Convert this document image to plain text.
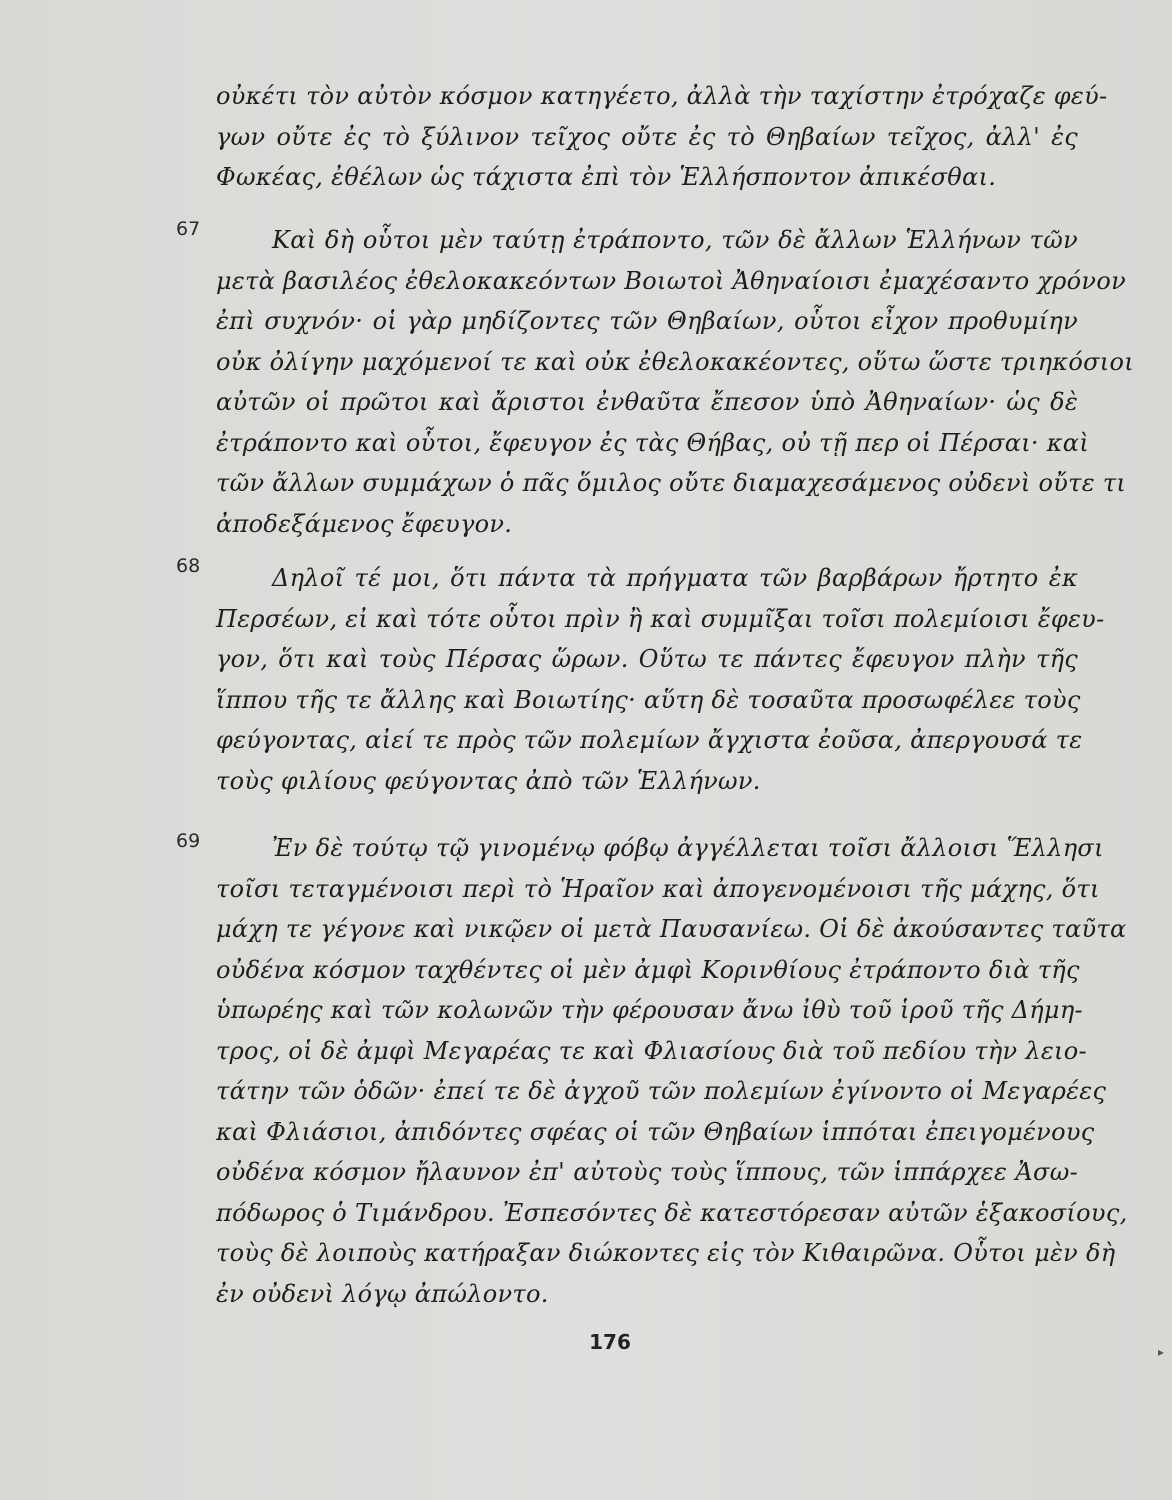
οὐκέτι τὸν αὐτὸν κόσμον κατηγέετο, ἀλλὰ τὴν ταχίστην ἐτρόχαζε φεύ-
γων οὔτε ἐς τὸ ξύλινον τεῖχος οὔτε ἐς τὸ Θηβαίων τεῖχος, ἀλλ' ἐς
Φωκέας, ἐθέλων ὡς τάχιστα ἐπὶ τὸν Ἑλλήσποντον ἀπικέσθαι.
67	Καὶ δὴ οὗτοι μὲν ταύτῃ ἐτράποντο, τῶν δὲ ἄλλων Ἑλλήνων τῶν
μετὰ βασιλέος ἐθελοκακεόντων Βοιωτοὶ Ἀθηναίοισι ἐμαχέσαντο χρόνον
ἐπὶ συχνόν· οἱ γὰρ μηδίζοντες τῶν Θηβαίων, οὗτοι εἶχον προθυμίην
οὐκ ὀλίγην μαχόμενοί τε καὶ οὐκ ἐθελοκακέοντες, οὕτω ὥστε τριηκόσιοι
αὐτῶν οἱ πρῶτοι καὶ ἄριστοι ἐνθαῦτα ἔπεσον ὑπὸ Ἀθηναίων· ὡς δὲ
ἐτράποντο καὶ οὗτοι, ἔφευγον ἐς τὰς Θήβας, οὐ τῇ περ οἱ Πέρσαι· καὶ
τῶν ἄλλων συμμάχων ὁ πᾶς ὅμιλος οὔτε διαμαχεσάμενος οὐδενὶ οὔτε τι
ἀποδεξάμενος ἔφευγον.
68	Δηλοῖ τέ μοι, ὅτι πάντα τὰ πρήγματα τῶν βαρβάρων ἤρτητο ἐκ
Περσέων, εἰ καὶ τότε οὗτοι πρὶν ἢ καὶ συμμῖξαι τοῖσι πολεμίοισι ἔφευ-
γον, ὅτι καὶ τοὺς Πέρσας ὥρων. Οὕτω τε πάντες ἔφευγον πλὴν τῆς
ἵππου τῆς τε ἄλλης καὶ Βοιωτίης· αὕτη δὲ τοσαῦτα προσωφέλεε τοὺς
φεύγοντας, αἰεί τε πρὸς τῶν πολεμίων ἄγχιστα ἐοῦσα, ἀπεργουσά τε
τοὺς φιλίους φεύγοντας ἀπὸ τῶν Ἑλλήνων.
69	Ἐν δὲ τούτῳ τῷ γινομένῳ φόβῳ ἀγγέλλεται τοῖσι ἄλλοισι Ἕλλησι
τοῖσι τεταγμένοισι περὶ τὸ Ἡραῖον καὶ ἀπογενομένοισι τῆς μάχης, ὅτι
μάχη τε γέγονε καὶ νικῷεν οἱ μετὰ Παυσανίεω. Οἱ δὲ ἀκούσαντες ταῦτα
οὐδένα κόσμον ταχθέντες οἱ μὲν ἀμφὶ Κορινθίους ἐτράποντο διὰ τῆς
ὑπωρέης καὶ τῶν κολωνῶν τὴν φέρουσαν ἄνω ἰθὺ τοῦ ἱροῦ τῆς Δήμη-
τρος, οἱ δὲ ἀμφὶ Μεγαρέας τε καὶ Φλιασίους διὰ τοῦ πεδίου τὴν λειο-
τάτην τῶν ὁδῶν· ἐπεί τε δὲ ἀγχοῦ τῶν πολεμίων ἐγίνοντο οἱ Μεγαρέες
καὶ Φλιάσιοι, ἀπιδόντες σφέας οἱ τῶν Θηβαίων ἱππόται ἐπειγομένους
οὐδένα κόσμον ἤλαυνον ἐπ' αὐτοὺς τοὺς ἵππους, τῶν ἱππάρχεε Ἀσω-
πόδωρος ὁ Τιμάνδρου. Ἐσπεσόντες δὲ κατεστόρεσαν αὐτῶν ἑξακοσίους,
τοὺς δὲ λοιποὺς κατήραξαν διώκοντες εἰς τὸν Κιθαιρῶνα. Οὗτοι μὲν δὴ
ἐν οὐδενὶ λόγῳ ἀπώλοντο.
176	▸
